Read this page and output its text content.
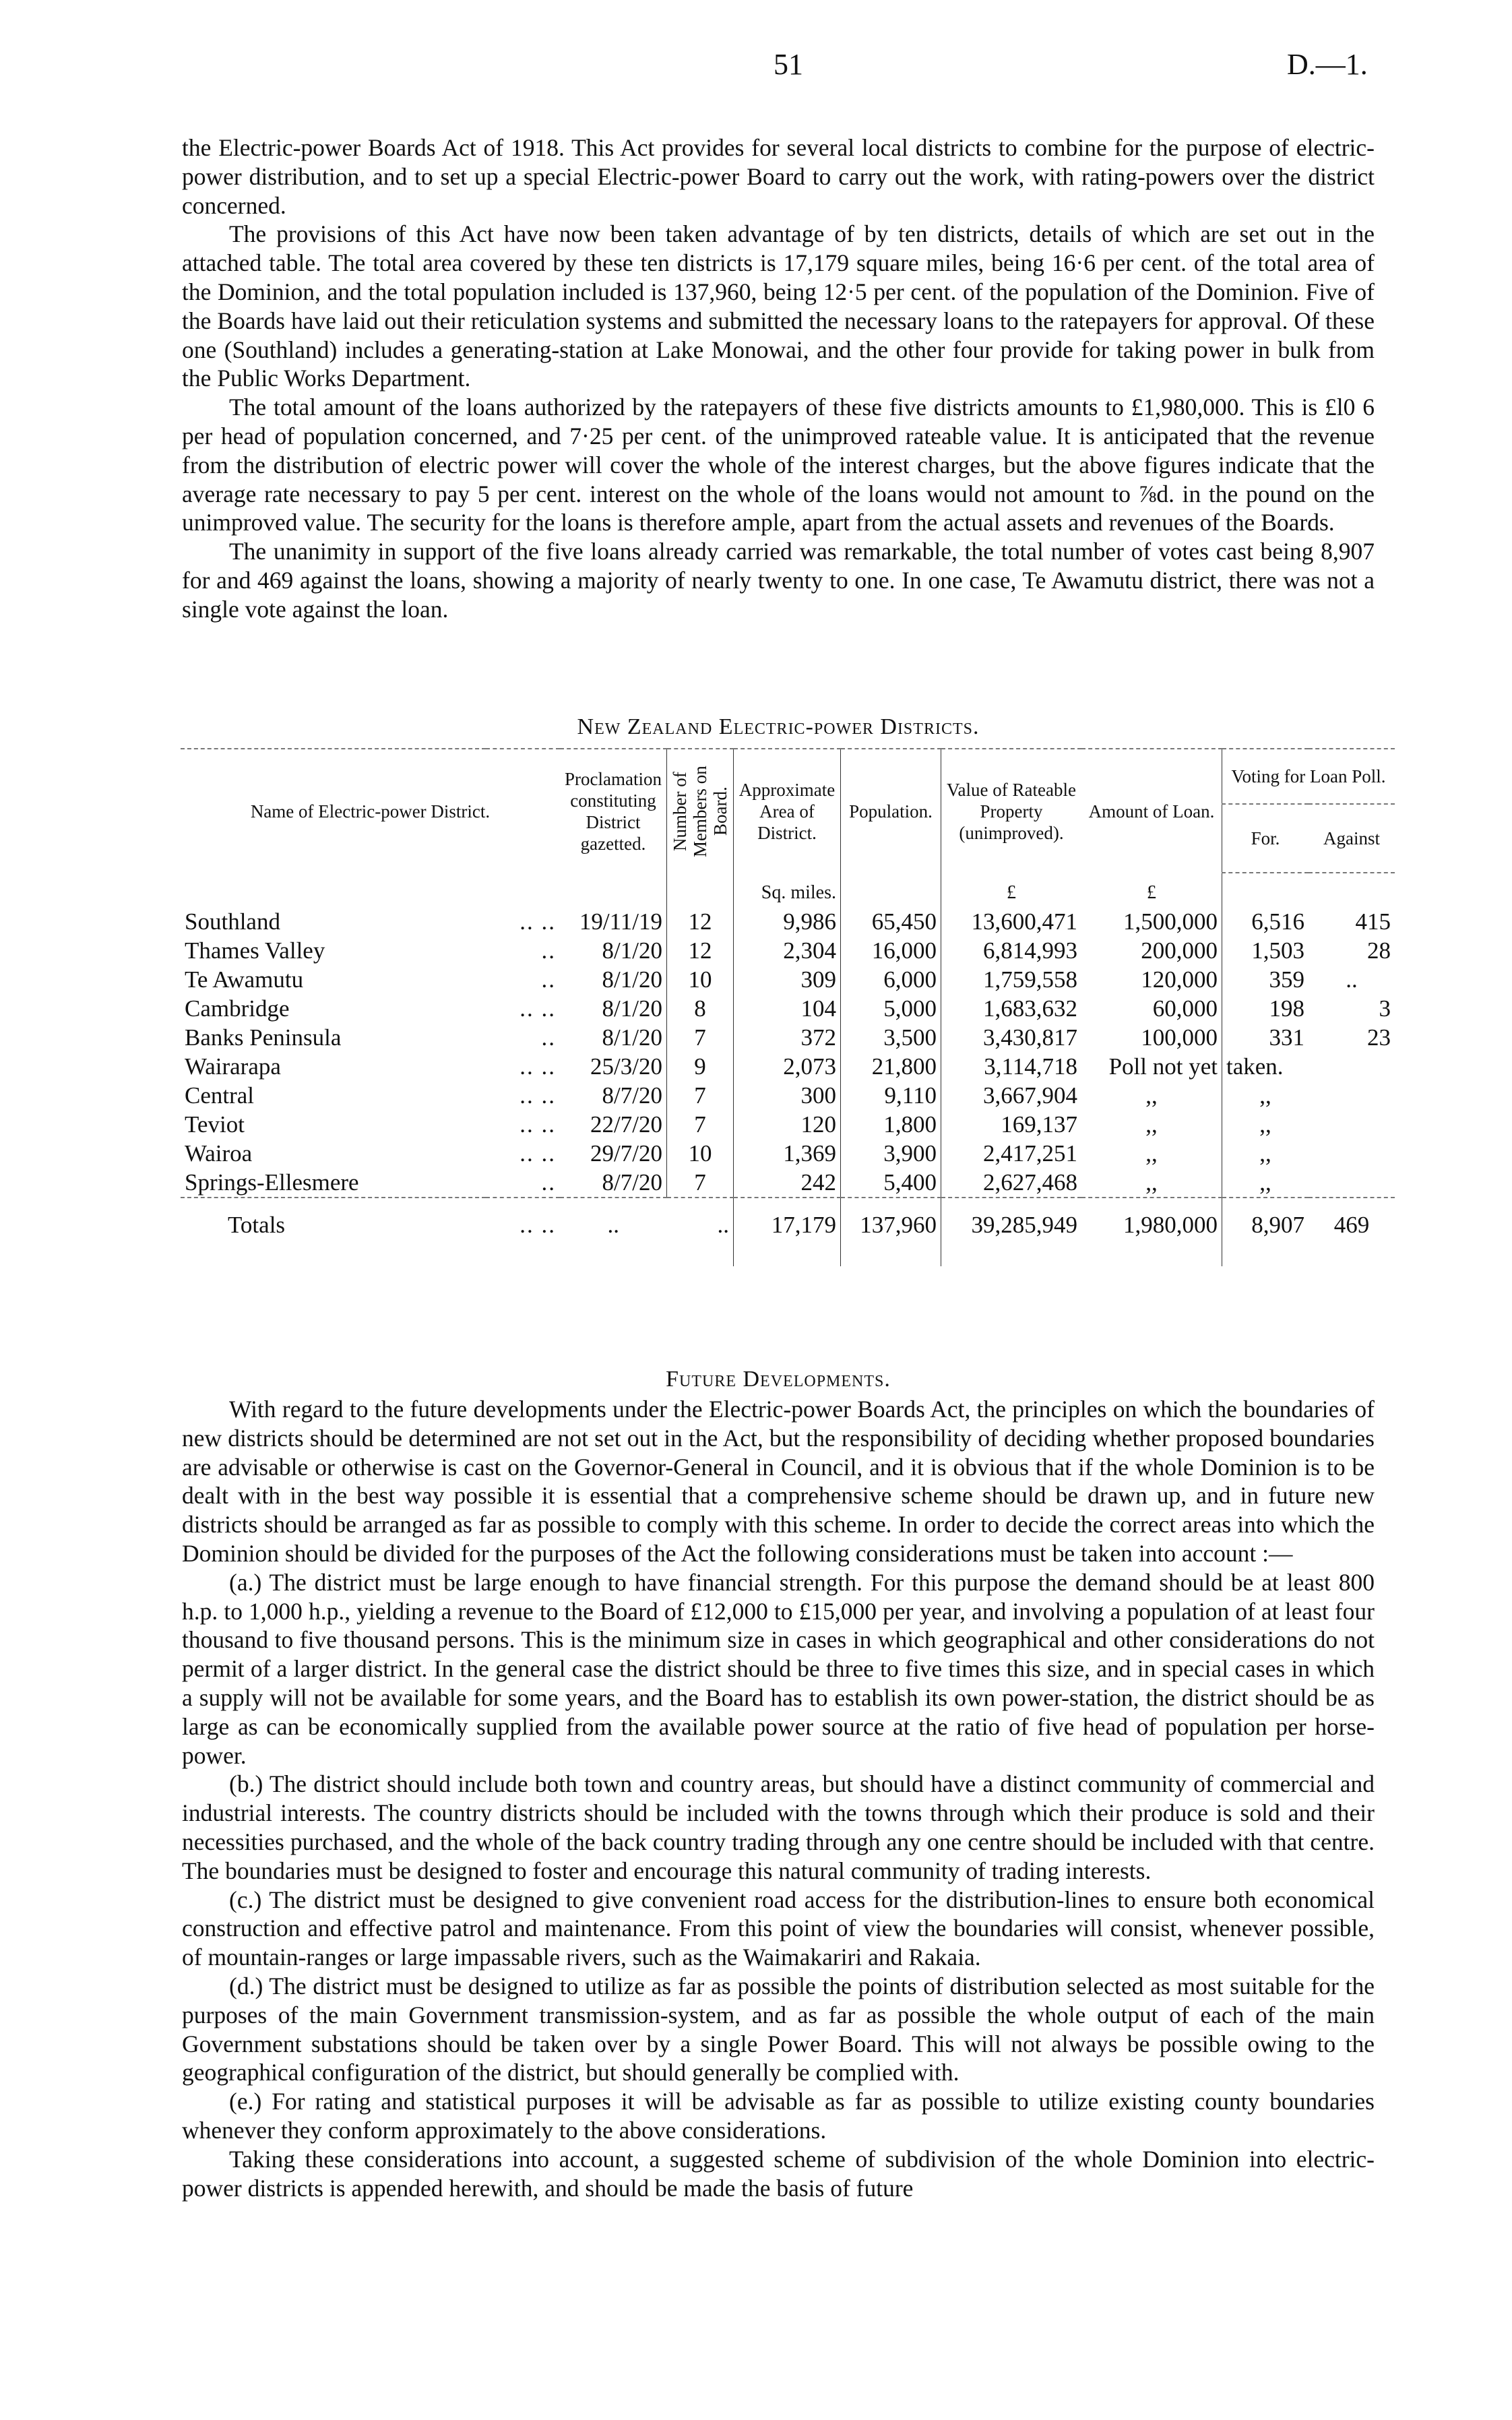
51	D.—1.

the Electric-power Boards Act of 1918. This Act provides for several local districts to combine for the purpose of electric-power distribution, and to set up a special Electric-power Board to carry out the work, with rating-powers over the district concerned.

The provisions of this Act have now been taken advantage of by ten districts, details of which are set out in the attached table. The total area covered by these ten districts is 17,179 square miles, being 16·6 per cent. of the total area of the Dominion, and the total population included is 137,960, being 12·5 per cent. of the population of the Dominion. Five of the Boards have laid out their reticulation systems and submitted the necessary loans to the ratepayers for approval. Of these one (Southland) includes a generating-station at Lake Monowai, and the other four provide for taking power in bulk from the Public Works Department.

The total amount of the loans authorized by the ratepayers of these five districts amounts to £1,980,000. This is £l0 6 per head of population concerned, and 7·25 per cent. of the unimproved rateable value. It is anticipated that the revenue from the distribution of electric power will cover the whole of the interest charges, but the above figures indicate that the average rate necessary to pay 5 per cent. interest on the whole of the loans would not amount to ⅞d. in the pound on the unimproved value. The security for the loans is therefore ample, apart from the actual assets and revenues of the Boards.

The unanimity in support of the five loans already carried was remarkable, the total number of votes cast being 8,907 for and 469 against the loans, showing a majority of nearly twenty to one. In one case, Te Awamutu district, there was not a single vote against the loan.

New Zealand Electric-power Districts.
Name of Electric-power District.		Proclamation constituting District gazetted.	Number of Members on Board.	Approximate Area of District.	Population.	Value of Rateable Property (unimproved).	Amount of Loan.	Voting for Loan Poll.	
								For.	Against
				Sq. miles.		£	£		
Southland	.. ..	19/11/19	12	9,986	65,450	13,600,471	1,500,000	6,516	415
Thames Valley	..	8/1/20	12	2,304	16,000	6,814,993	200,000	1,503	28
Te Awamutu	..	8/1/20	10	309	6,000	1,759,558	120,000	359	..
Cambridge	.. ..	8/1/20	8	104	5,000	1,683,632	60,000	198	3
Banks Peninsula	..	8/1/20	7	372	3,500	3,430,817	100,000	331	23
Wairarapa	.. ..	25/3/20	9	2,073	21,800	3,114,718	Poll not yet	taken.	
Central	.. ..	8/7/20	7	300	9,110	3,667,904	,,	,,	
Teviot	.. ..	22/7/20	7	120	1,800	169,137	,,	,,	
Wairoa	.. ..	29/7/20	10	1,369	3,900	2,417,251	,,	,,	
Springs-Ellesmere	..	8/7/20	7	242	5,400	2,627,468	,,	,,	
Totals	.. ..	..	..	17,179	137,960	39,285,949	1,980,000	8,907	469
Future Developments.

With regard to the future developments under the Electric-power Boards Act, the principles on which the boundaries of new districts should be determined are not set out in the Act, but the responsibility of deciding whether proposed boundaries are advisable or otherwise is cast on the Governor-General in Council, and it is obvious that if the whole Dominion is to be dealt with in the best way possible it is essential that a comprehensive scheme should be drawn up, and in future new districts should be arranged as far as possible to comply with this scheme. In order to decide the correct areas into which the Dominion should be divided for the purposes of the Act the following considerations must be taken into account :—

(a.) The district must be large enough to have financial strength. For this purpose the demand should be at least 800 h.p. to 1,000 h.p., yielding a revenue to the Board of £12,000 to £15,000 per year, and involving a population of at least four thousand to five thousand persons. This is the minimum size in cases in which geographical and other considerations do not permit of a larger district. In the general case the district should be three to five times this size, and in special cases in which a supply will not be available for some years, and the Board has to establish its own power-station, the district should be as large as can be economically supplied from the available power source at the ratio of five head of population per horse-power.

(b.) The district should include both town and country areas, but should have a distinct community of commercial and industrial interests. The country districts should be included with the towns through which their produce is sold and their necessities purchased, and the whole of the back country trading through any one centre should be included with that centre. The boundaries must be designed to foster and encourage this natural community of trading interests.

(c.) The district must be designed to give convenient road access for the distribution-lines to ensure both economical construction and effective patrol and maintenance. From this point of view the boundaries will consist, whenever possible, of mountain-ranges or large impassable rivers, such as the Waimakariri and Rakaia.

(d.) The district must be designed to utilize as far as possible the points of distribution selected as most suitable for the purposes of the main Government transmission-system, and as far as possible the whole output of each of the main Government substations should be taken over by a single Power Board. This will not always be possible owing to the geographical configuration of the district, but should generally be complied with.

(e.) For rating and statistical purposes it will be advisable as far as possible to utilize existing county boundaries whenever they conform approximately to the above considerations.

Taking these considerations into account, a suggested scheme of subdivision of the whole Dominion into electric-power districts is appended herewith, and should be made the basis of future
